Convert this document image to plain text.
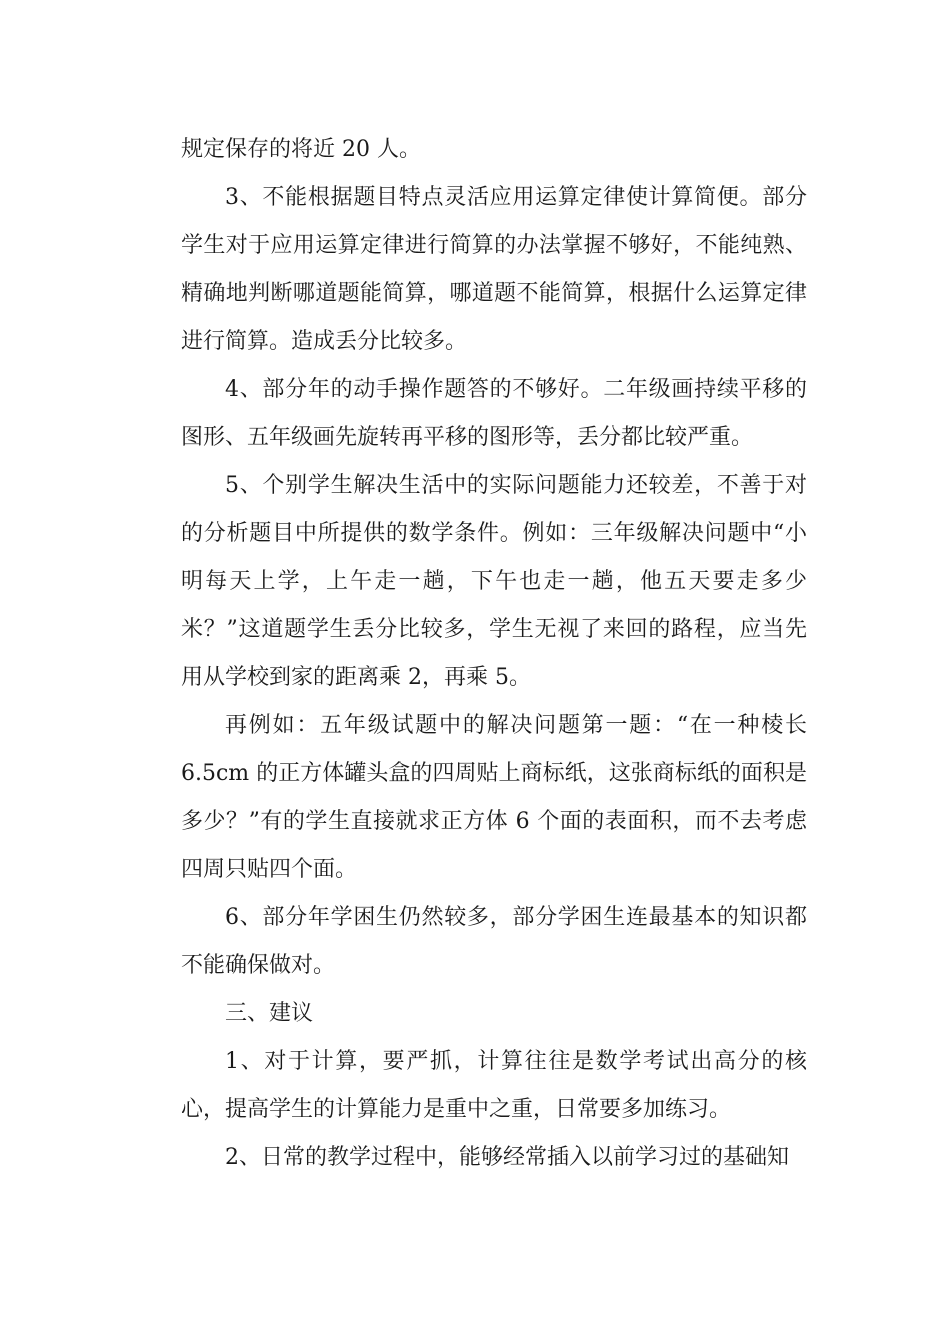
规定保存的将近 20 人。

3、不能根据题目特点灵活应用运算定律使计算简便。部分学生对于应用运算定律进行简算的办法掌握不够好，不能纯熟、精确地判断哪道题能简算，哪道题不能简算，根据什么运算定律进行简算。造成丢分比较多。

4、部分年的动手操作题答的不够好。二年级画持续平移的图形、五年级画先旋转再平移的图形等，丢分都比较严重。

5、个别学生解决生活中的实际问题能力还较差，不善于对的分析题目中所提供的数学条件。例如：三年级解决问题中“小明每天上学，上午走一趟，下午也走一趟，他五天要走多少米？”这道题学生丢分比较多，学生无视了来回的路程，应当先用从学校到家的距离乘 2，再乘 5。

再例如：五年级试题中的解决问题第一题：“在一种棱长 6.5cm 的正方体罐头盒的四周贴上商标纸，这张商标纸的面积是多少？”有的学生直接就求正方体 6 个面的表面积，而不去考虑四周只贴四个面。

6、部分年学困生仍然较多，部分学困生连最基本的知识都不能确保做对。

三、建议

1、对于计算，要严抓，计算往往是数学考试出高分的核心，提高学生的计算能力是重中之重，日常要多加练习。

2、日常的教学过程中，能够经常插入以前学习过的基础知
